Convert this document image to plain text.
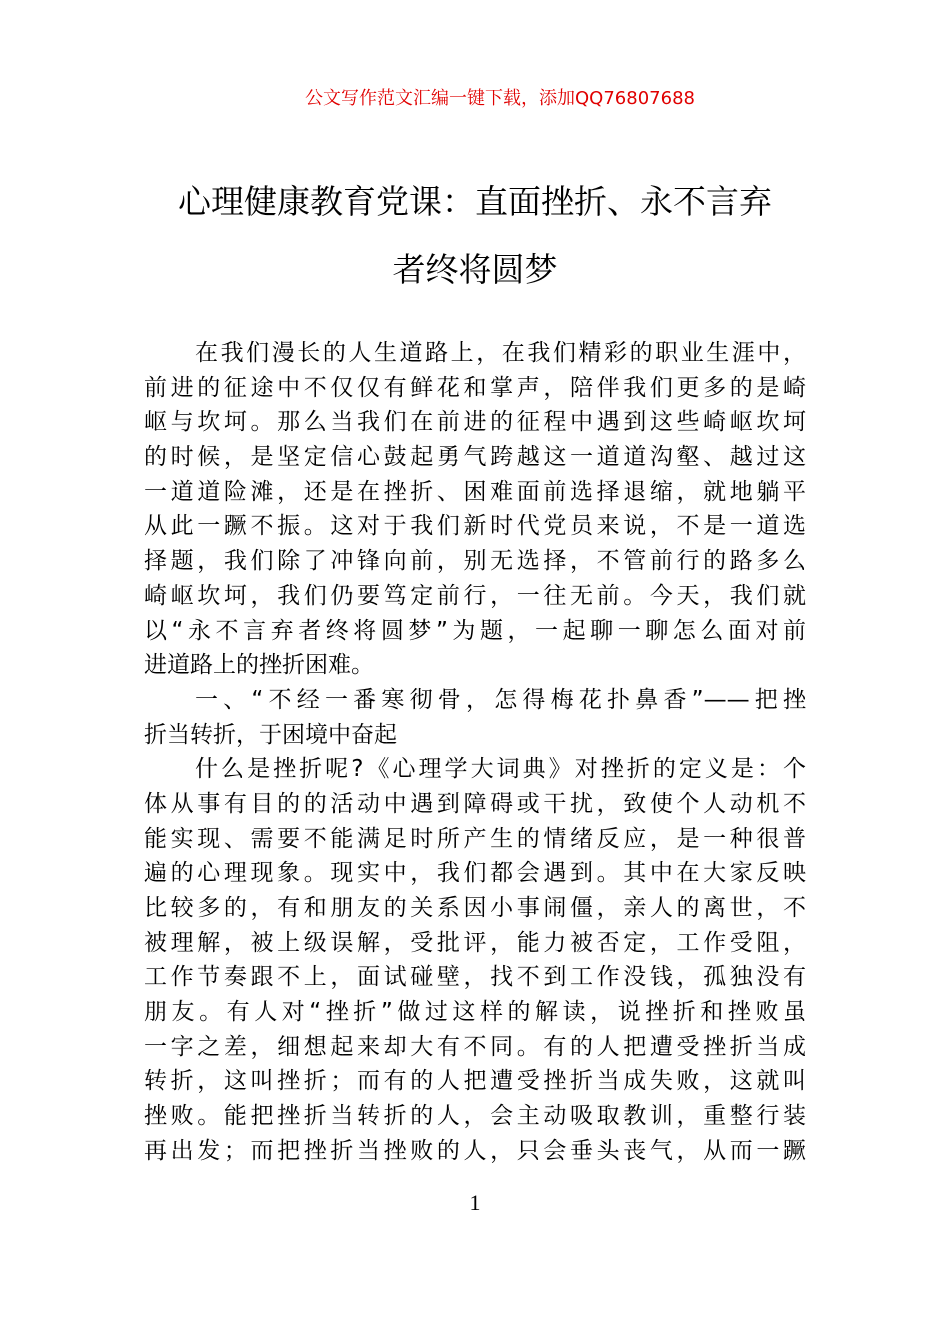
公文写作范文汇编一键下载，添加QQ76807688
心理健康教育党课：直面挫折、永不言弃
者终将圆梦
在我们漫长的人生道路上，在我们精彩的职业生涯中，
前进的征途中不仅仅有鲜花和掌声，陪伴我们更多的是崎
岖与坎坷。那么当我们在前进的征程中遇到这些崎岖坎坷
的时候，是坚定信心鼓起勇气跨越这一道道沟壑、越过这
一道道险滩，还是在挫折、困难面前选择退缩，就地躺平
从此一蹶不振。这对于我们新时代党员来说，不是一道选
择题，我们除了冲锋向前，别无选择，不管前行的路多么
崎岖坎坷，我们仍要笃定前行，一往无前。今天，我们就
以“永不言弃者终将圆梦”为题，一起聊一聊怎么面对前
进道路上的挫折困难。
一、“不经一番寒彻骨，怎得梅花扑鼻香”——把挫
折当转折，于困境中奋起
什么是挫折呢?《心理学大词典》对挫折的定义是：个
体从事有目的的活动中遇到障碍或干扰，致使个人动机不
能实现、需要不能满足时所产生的情绪反应，是一种很普
遍的心理现象。现实中，我们都会遇到。其中在大家反映
比较多的，有和朋友的关系因小事闹僵，亲人的离世，不
被理解，被上级误解，受批评，能力被否定，工作受阻，
工作节奏跟不上，面试碰壁，找不到工作没钱，孤独没有
朋友。有人对“挫折”做过这样的解读，说挫折和挫败虽
一字之差，细想起来却大有不同。有的人把遭受挫折当成
转折，这叫挫折；而有的人把遭受挫折当成失败，这就叫
挫败。能把挫折当转折的人，会主动吸取教训，重整行装
再出发；而把挫折当挫败的人，只会垂头丧气，从而一蹶
1
